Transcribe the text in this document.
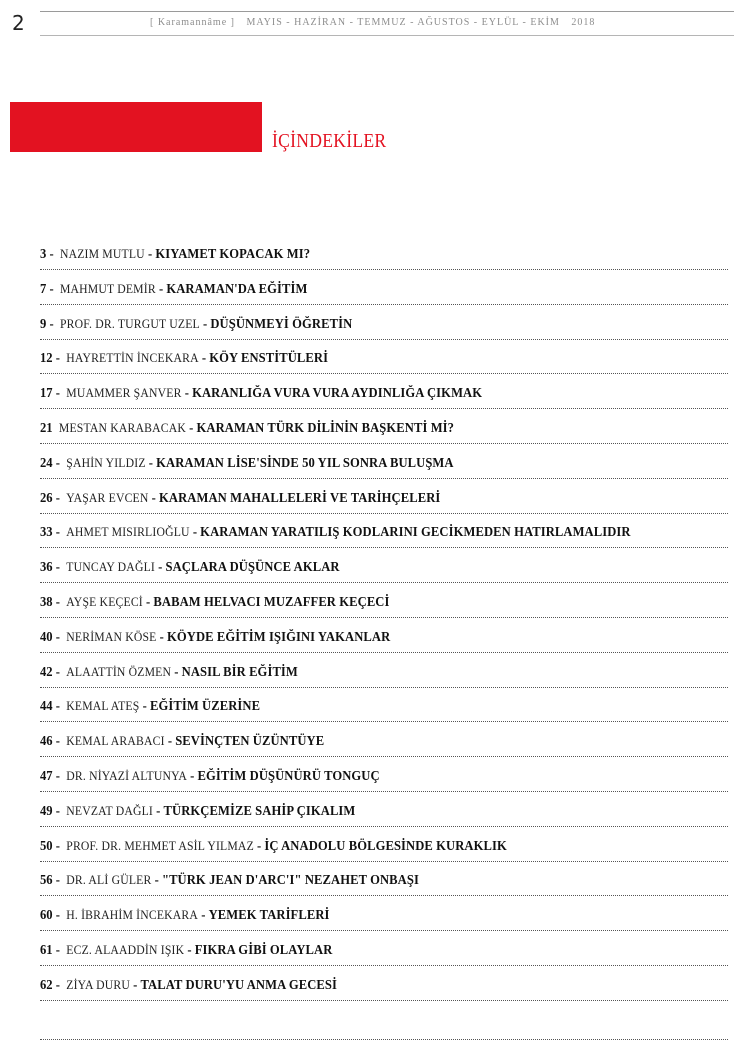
2	[ Karamannâme ] MAYIS - HAZİRAN - TEMMUZ - AĞUSTOS - EYLÜL - EKİM 2018
İÇİNDEKİLER
3 -  NAZIM MUTLU - KIYAMET KOPACAK MI?
7 -  MAHMUT DEMİR - KARAMAN'DA EĞİTİM
9 -  PROF. DR. TURGUT UZEL - DÜŞÜNMEYİ ÖĞRETİN
12 -  HAYRETTİN İNCEKARA - KÖY ENSTİTÜLERİ
17 -  MUAMMER ŞANVER - KARANLIĞA VURA VURA AYDINLIĞA ÇIKMAK
21  MESTAN KARABACAK - KARAMAN TÜRK DİLİNİN BAŞKENTİ Mİ?
24 -  ŞAHİN YILDIZ - KARAMAN LİSE'SİNDE 50 YIL SONRA BULUŞMA
26 -  YAŞAR EVCEN - KARAMAN MAHALLELERİ VE TARİHÇELERİ
33 -  AHMET MISIRLIOĞLU - KARAMAN YARATILIŞ KODLARINI GECİKMEDEN HATIRLAMALIDIR
36 -  TUNCAY DAĞLI - SAÇLARA DÜŞÜNCE AKLAR
38 -  AYŞE KEÇECİ - BABAM HELVACI MUZAFFER KEÇECİ
40 -  NERİMAN KÖSE - KÖYDE EĞİTİM IŞIĞINI YAKANLAR
42 -  ALAATTİN ÖZMEN - NASIL BİR EĞİTİM
44 -  KEMAL ATEŞ - EĞİTİM ÜZERİNE
46 -  KEMAL ARABACI - SEVİNÇTEN ÜZÜNTÜYE
47 -  DR. NİYAZİ ALTUNYA - EĞİTİM DÜŞÜNÜRÜ TONGUÇ
49 -  NEVZAT DAĞLI - TÜRKÇEMİZE SAHİP ÇIKALIM
50 -  PROF. DR. MEHMET ASİL YILMAZ - İÇ ANADOLU BÖLGESİNDE KURAKLIK
56 -  DR. ALİ GÜLER - "TÜRK JEAN D'ARC'I" NEZAHET ONBAŞI
60 -  H. İBRAHİM İNCEKARA - YEMEK TARİFLERİ
61 -  ECZ. ALAADDİN IŞIK - FIKRA GİBİ OLAYLAR
62 -  ZİYA DURU - TALAT DURU'YU ANMA GECESİ
